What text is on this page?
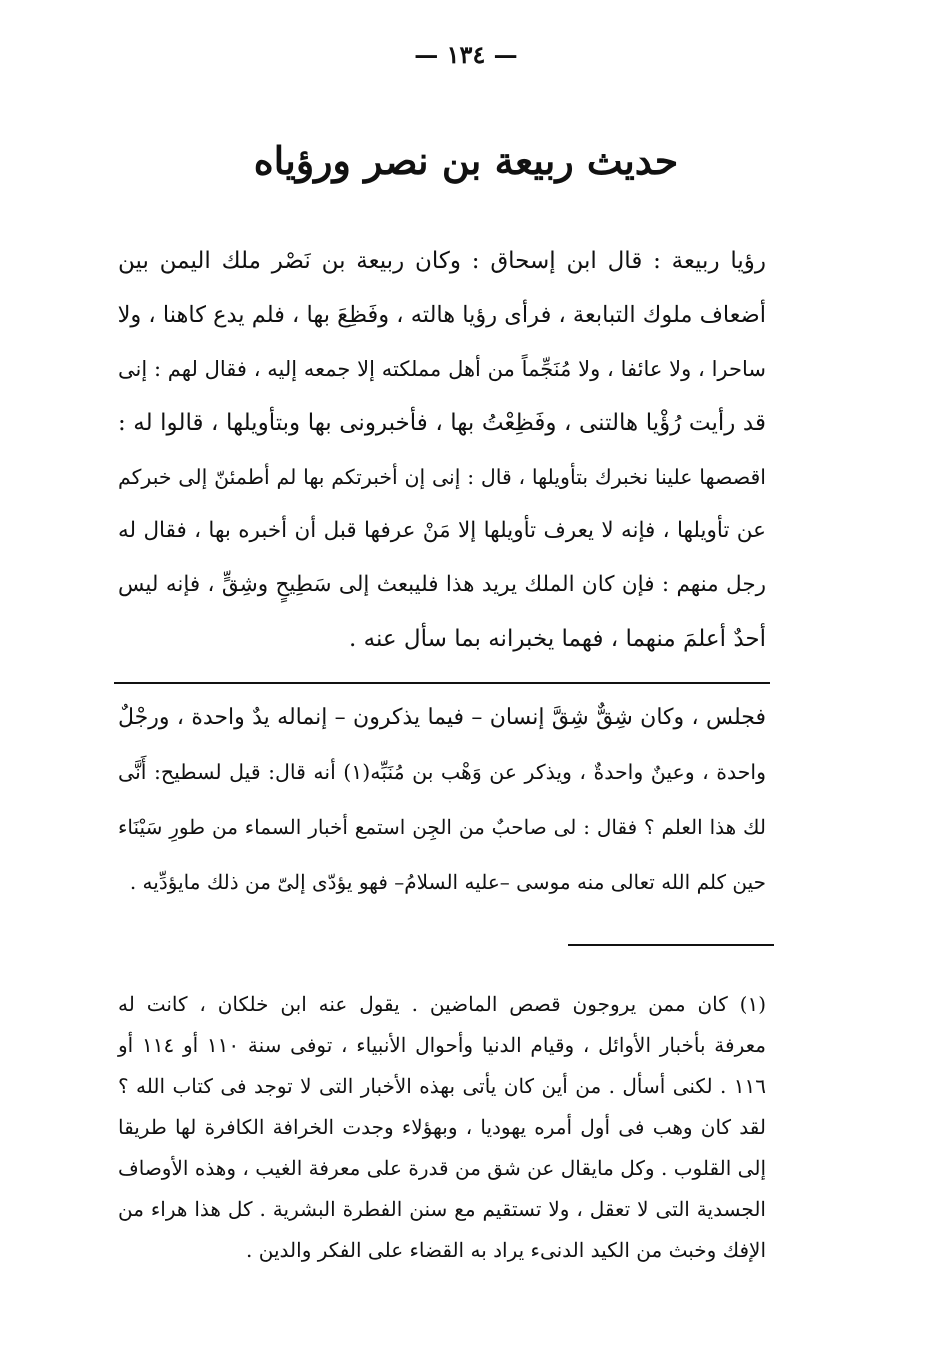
— ١٣٤ —
حديث ربيعة بن نصر ورؤياه
رؤيا ربيعة : قال ابن إسحاق : وكان ربيعة بن نَصْر ملك اليمن بين
أضعاف ملوك التبابعة ، فرأى رؤيا هالته ، وفَظِعَ بها ، فلم يدع كاهنا ، ولا
ساحرا ، ولا عائفا ، ولا مُنَجِّماً من أهل مملكته إلا جمعه إليه ، فقال لهم : إنى
قد رأيت رُؤْيا هالتنى ، وفَظِعْتُ بها ، فأخبرونى بها وبتأويلها ، قالوا له :
اقصصها علينا نخبرك بتأويلها ، قال : إنى إن أخبرتكم بها لم أطمئنّ إلى خبركم
عن تأويلها ، فإنه لا يعرف تأويلها إلا مَنْ عرفها قبل أن أخبره بها ، فقال له
رجل منهم : فإن كان الملك يريد هذا فليبعث إلى سَطِيحٍ وشِقٍّ ، فإنه ليس
أحدٌ أعلمَ منهما ، فهما يخبرانه بما سأل عنه .
فجلس ، وكان شِقٌّ شِقَّ إنسان – فيما يذكرون – إنماله يدٌ واحدة ، ورجْلٌ
واحدة ، وعينٌ واحدةٌ ، ويذكر عن وَهْب بن مُنَبِّه(١) أنه قال: قيل لسطيح: أَنَّى
لك هذا العلم ؟ فقال : لى صاحبٌ من الجِن استمع أخبار السماء من طورِ سَيْنَاء
حين كلم الله تعالى منه موسى –عليه السلامُ– فهو يؤدّى إلىّ من ذلك مايؤدِّيه .
(١) كان ممن يروجون قصص الماضين . يقول عنه ابن خلكان ، كانت له
معرفة بأخبار الأوائل ، وقيام الدنيا وأحوال الأنبياء ، توفى سنة ١١٠ أو ١١٤ أو
١١٦ . لكنى أسأل . من أين كان يأتى بهذه الأخبار التى لا توجد فى كتاب الله ؟
لقد كان وهب فى أول أمره يهوديا ، وبهؤلاء وجدت الخرافة الكافرة لها طريقا
إلى القلوب . وكل مايقال عن شق من قدرة على معرفة الغيب ، وهذه الأوصاف
الجسدية التى لا تعقل ، ولا تستقيم مع سنن الفطرة البشرية . كل هذا هراء من
الإفك وخبث من الكيد الدنىء يراد به القضاء على الفكر والدين .
